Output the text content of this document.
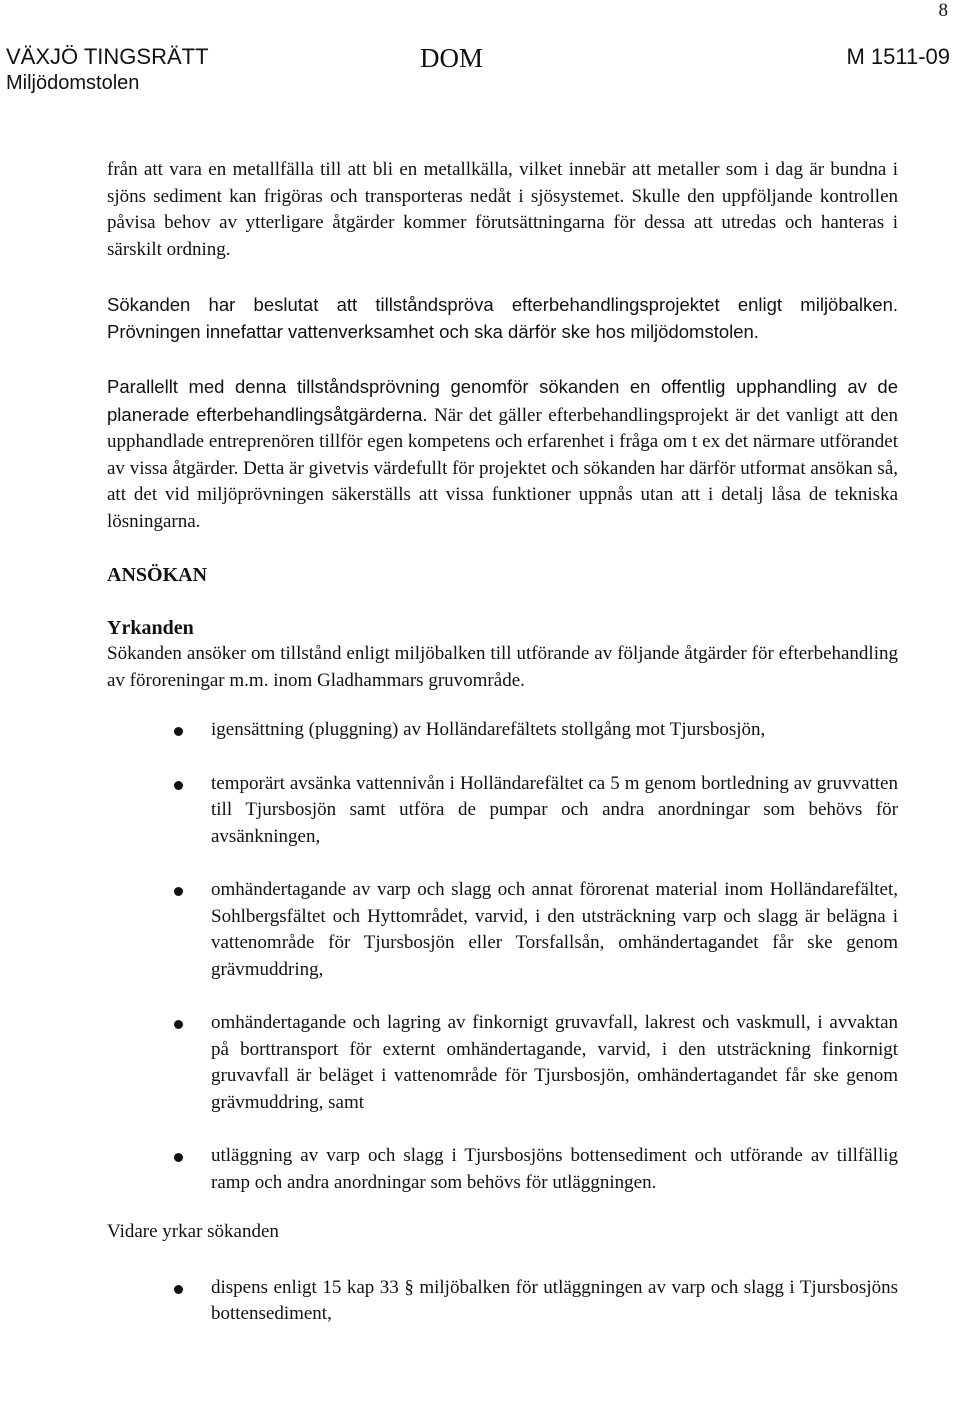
8
VÄXJÖ TINGSRÄTT
Miljödomstolen
DOM	M 1511-09

från att vara en metallfälla till att bli en metallkälla, vilket innebär att metaller som i dag är bundna i sjöns sediment kan frigöras och transporteras nedåt i sjösystemet. Skulle den uppföljande kontrollen påvisa behov av ytterligare åtgärder kommer förutsättningarna för dessa att utredas och hanteras i särskilt ordning.

Sökanden har beslutat att tillståndspröva efterbehandlingsprojektet enligt miljöbalken. Prövningen innefattar vattenverksamhet och ska därför ske hos miljödomstolen.

Parallellt med denna tillståndsprövning genomför sökanden en offentlig upphandling av de planerade efterbehandlingsåtgärderna. När det gäller efterbehandlingsprojekt är det vanligt att den upphandlade entreprenören tillför egen kompetens och erfarenhet i fråga om t ex det närmare utförandet av vissa åtgärder. Detta är givetvis värdefullt för projektet och sökanden har därför utformat ansökan så, att det vid miljöprövningen säkerställs att vissa funktioner uppnås utan att i detalj låsa de tekniska lösningarna.

ANSÖKAN

Yrkanden

Sökanden ansöker om tillstånd enligt miljöbalken till utförande av följande åtgärder för efterbehandling av föroreningar m.m. inom Gladhammars gruvområde.

igensättning (pluggning) av Holländarefältets stollgång mot Tjursbosjön,
temporärt avsänka vattennivån i Holländarefältet ca 5 m genom bortledning av gruvvatten till Tjursbosjön samt utföra de pumpar och andra anordningar som behövs för avsänkningen,
omhändertagande av varp och slagg och annat förorenat material inom Holländarefältet, Sohlbergsfältet och Hyttområdet, varvid, i den utsträckning varp och slagg är belägna i vattenområde för Tjursbosjön eller Torsfallsån, omhändertagandet får ske genom grävmuddring,
omhändertagande och lagring av finkornigt gruvavfall, lakrest och vaskmull, i avvaktan på borttransport för externt omhändertagande, varvid, i den utsträckning finkornigt gruvavfall är beläget i vattenområde för Tjursbosjön, omhändertagandet får ske genom grävmuddring, samt
utläggning av varp och slagg i Tjursbosjöns bottensediment och utförande av tillfällig ramp och andra anordningar som behövs för utläggningen.

Vidare yrkar sökanden

dispens enligt 15 kap 33 § miljöbalken för utläggningen av varp och slagg i Tjursbosjöns bottensediment,
